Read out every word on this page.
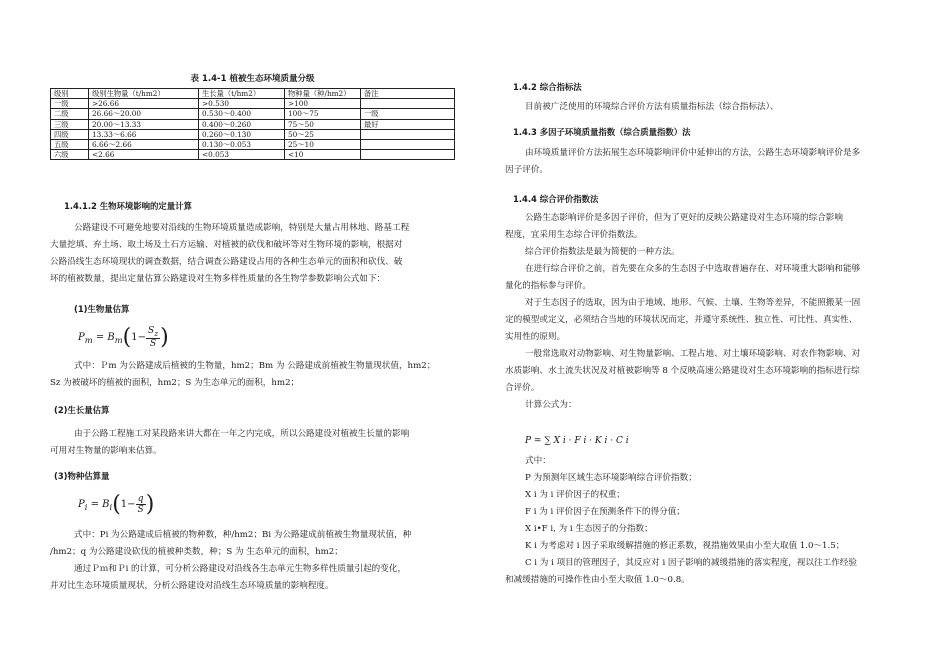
表 1.4-1 植被生态环境质量分级
级别	级别生物量（t/hm2）	生长量（t/hm2）	物种量（种/hm2）	备注
一级	>26.66	>0.530	>100	
二级	26.66～20.00	0.530～0.400	100～75	一级
三级	20.00～13.33	0.400～0.260	75～50	最好
四级	13.33～6.66	0.260～0.130	50～25	
五级	6.66～2.66	0.130～0.053	25～10	
六级	<2.66	<0.053	<10	
1.4.1.2 生物环境影响的定量计算
公路建设不可避免地要对沿线的生物环境质量造成影响，特别是大量占用林地、路基工程
大量挖填、弃土场、取土场及土石方运输、对植被的砍伐和破坏等对生物环境的影响，根据对
公路沿线生态环境现状的调查数据，结合调查公路建设占用的各种生态单元的面积和砍伐、破
坏的植被数量，提出定量估算公路建设对生物多样性质量的各生物学参数影响公式如下：
(1)生物量估算
$P_m = B_m(1- \frac{S_z}{S}$ )
式中：Ｐm 为公路建成后植被的生物量，hm2；Bm 为 公路建成前植被生物量现状值，hm2；
Sz 为被破坏的植被的面积，hm2；S 为生态单元的面积，hm2；
(2)生长量估算
由于公路工程施工对某段路来讲大都在一年之内完成，所以公路建设对植被生长量的影响
可用对生物量的影响来估算。
(3)物种估算量
$P_i = B_i(1- \frac{q}{S}$ )
式中：Pi 为公路建成后植被的物种数，种/hm2；Bi 为公路建成前植被生物量现状值，种
/hm2；q 为公路建设砍伐的植被种类数，种；S 为 生态单元的面积，hm2；
通过Ｐｍ和Ｐi 的计算，可分析公路建设对沿线各生态单元生物多样性质量引起的变化，
并对比生态环境质量现状，分析公路建设对沿线生态环境质量的影响程度。
1.4.2 综合指标法
目前被广泛使用的环境综合评价方法有质量指标法（综合指标法）、
1.4.3 多因子环境质量指数（综合质量指数）法
由环境质量评价方法拓展生态环境影响评价中延伸出的方法，公路生态环境影响评价是多
因子评价。
1.4.4 综合评价指数法
公路生态影响评价是多因子评价，但为了更好的反映公路建设对生态环境的综合影响
程度，宜采用生态综合评价指数法。
综合评价指数法是最为简便的一种方法。
在进行综合评价之前，首先要在众多的生态因子中选取普遍存在、对环境重大影响和能够
量化的指标参与评价。
对于生态因子的选取，因为由于地域、地形、气候、土壤、生物等差异，不能照搬某一固
定的模型或定义，必须结合当地的环境状况而定，并遵守系统性、独立性、可比性、真实性、
实用性的原则。
一般常选取对动物影响、对生物量影响、工程占地、对土壤环境影响、对农作物影响、对
水质影响、水土流失状况及对植被影响等 8 个反映高速公路建设对生态环境影响的指标进行综
合评价。
计算公式为：
P = ∑ X i · F i · K i · C i
式中：
P 为预测年区域生态环境影响综合评价指数；
X i 为 i 评价因子的权重；
F i 为 i 评价因子在预测条件下的得分值；
X i•F i, 为 i 生态因子的分指数；
K i 为考虑对 i 因子采取缓解措施的修正系数，视措施效果由小至大取值 1.0～1.5；
C i 为 i 项目的管理因子，其反应对 i 因子影响的减缓措施的落实程度，视以往工作经验
和减缓措施的可操作性由小至大取值 1.0～0.8。
